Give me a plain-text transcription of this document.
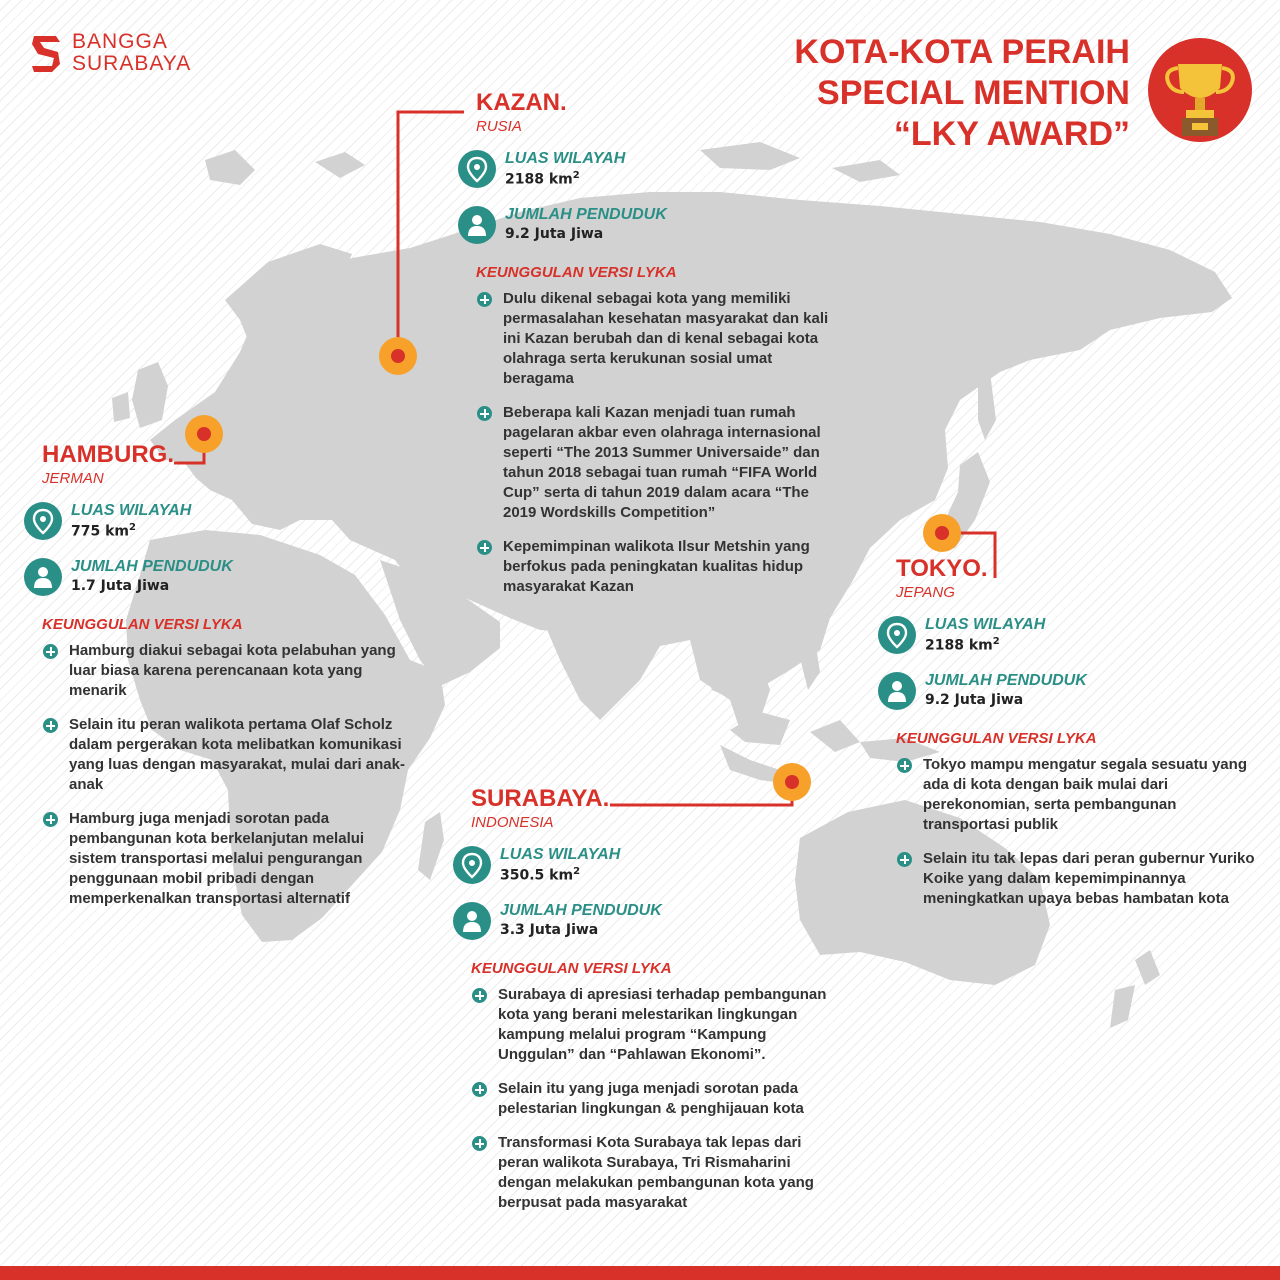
BANGGA
SURABAYA	KOTA-KOTA PERAIH
SPECIAL MENTION
“LKY AWARD”
KAZAN.
RUSIA
LUAS WILAYAH
2188 $km^2$
JUMLAH PENDUDUK
9.2 Juta Jiwa
KEUNGGULAN VERSI LYKA
Dulu dikenal sebagai kota yang memiliki permasalahan kesehatan masyarakat dan kali ini Kazan berubah dan di kenal sebagai kota olahraga serta kerukunan sosial umat beragama
Beberapa kali Kazan menjadi tuan rumah pagelaran akbar even olahraga internasional seperti “The 2013 Summer Universaide” dan tahun 2018 sebagai tuan rumah “FIFA World Cup” serta di tahun 2019 dalam acara “The 2019 Wordskills Competition”
Kepemimpinan walikota Ilsur Metshin yang berfokus pada peningkatan kualitas hidup masyarakat Kazan
HAMBURG.
JERMAN
LUAS WILAYAH
775 $km^2$
JUMLAH PENDUDUK
1.7 Juta Jiwa
KEUNGGULAN VERSI LYKA
Hamburg diakui sebagai kota pelabuhan yang luar biasa karena perencanaan kota yang menarik
Selain itu peran walikota pertama Olaf Scholz dalam pergerakan kota melibatkan komunikasi yang luas dengan masyarakat, mulai dari anak-anak
Hamburg juga menjadi sorotan pada pembangunan kota berkelanjutan melalui sistem transportasi melalui pengurangan penggunaan mobil pribadi dengan memperkenalkan transportasi alternatif
TOKYO.
JEPANG
LUAS WILAYAH
2188 $km^2$
JUMLAH PENDUDUK
9.2 Juta Jiwa
KEUNGGULAN VERSI LYKA
Tokyo mampu mengatur segala sesuatu yang ada di kota dengan baik mulai dari perekonomian, serta pembangunan transportasi publik
Selain itu tak lepas dari peran gubernur Yuriko Koike yang dalam kepemimpinannya meningkatkan upaya bebas hambatan kota
SURABAYA.
INDONESIA
LUAS WILAYAH
350.5 $km^2$
JUMLAH PENDUDUK
3.3 Juta Jiwa
KEUNGGULAN VERSI LYKA
Surabaya di apresiasi terhadap pembangunan kota yang berani melestarikan lingkungan kampung melalui program “Kampung Unggulan” dan “Pahlawan Ekonomi”.
Selain itu yang juga menjadi sorotan pada pelestarian lingkungan & penghijauan kota
Transformasi Kota Surabaya tak lepas dari peran walikota Surabaya, Tri Rismaharini dengan melakukan pembangunan kota yang berpusat pada masyarakat
